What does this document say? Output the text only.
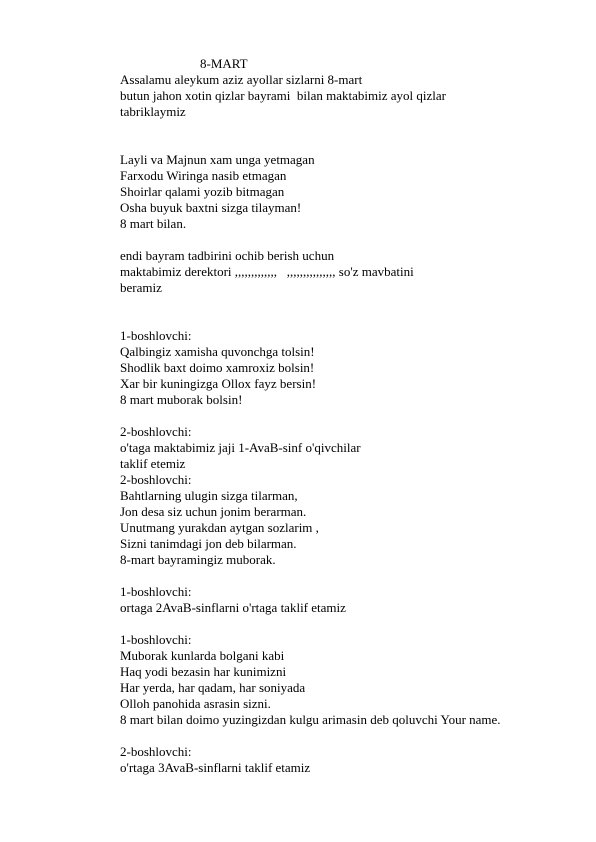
8-MART
Assalamu aleykum aziz ayollar sizlarni 8-mart
butun jahon xotin qizlar bayrami  bilan maktabimiz ayol qizlar
tabriklaymiz
Layli va Majnun xam unga yetmagan
Farxodu Wiringa nasib etmagan
Shoirlar qalami yozib bitmagan
Osha buyuk baxtni sizga tilayman!
8 mart bilan.
endi bayram tadbirini ochib berish uchun
maktabimiz derektori ,,,,,,,,,,,,,   ,,,,,,,,,,,,,,, so'z mavbatini
beramiz
1-boshlovchi:
Qalbingiz xamisha quvonchga tolsin!
Shodlik baxt doimo xamroxiz bolsin!
Xar bir kuningizga Ollox fayz bersin!
8 mart muborak bolsin!
2-boshlovchi:
o'taga maktabimiz jaji 1-AvaB-sinf o'qivchilar
taklif etemiz
2-boshlovchi:
Bahtlarning ulugin sizga tilarman,
Jon desa siz uchun jonim berarman.
Unutmang yurakdan aytgan sozlarim ,
Sizni tanimdagi jon deb bilarman.
8-mart bayramingiz muborak.
1-boshlovchi:
ortaga 2AvaB-sinflarni o'rtaga taklif etamiz
1-boshlovchi:
Muborak kunlarda bolgani kabi
Haq yodi bezasin har kunimizni
Har yerda, har qadam, har soniyada
Olloh panohida asrasin sizni.
8 mart bilan doimo yuzingizdan kulgu arimasin deb qoluvchi Your name.
2-boshlovchi:
o'rtaga 3AvaB-sinflarni taklif etamiz
